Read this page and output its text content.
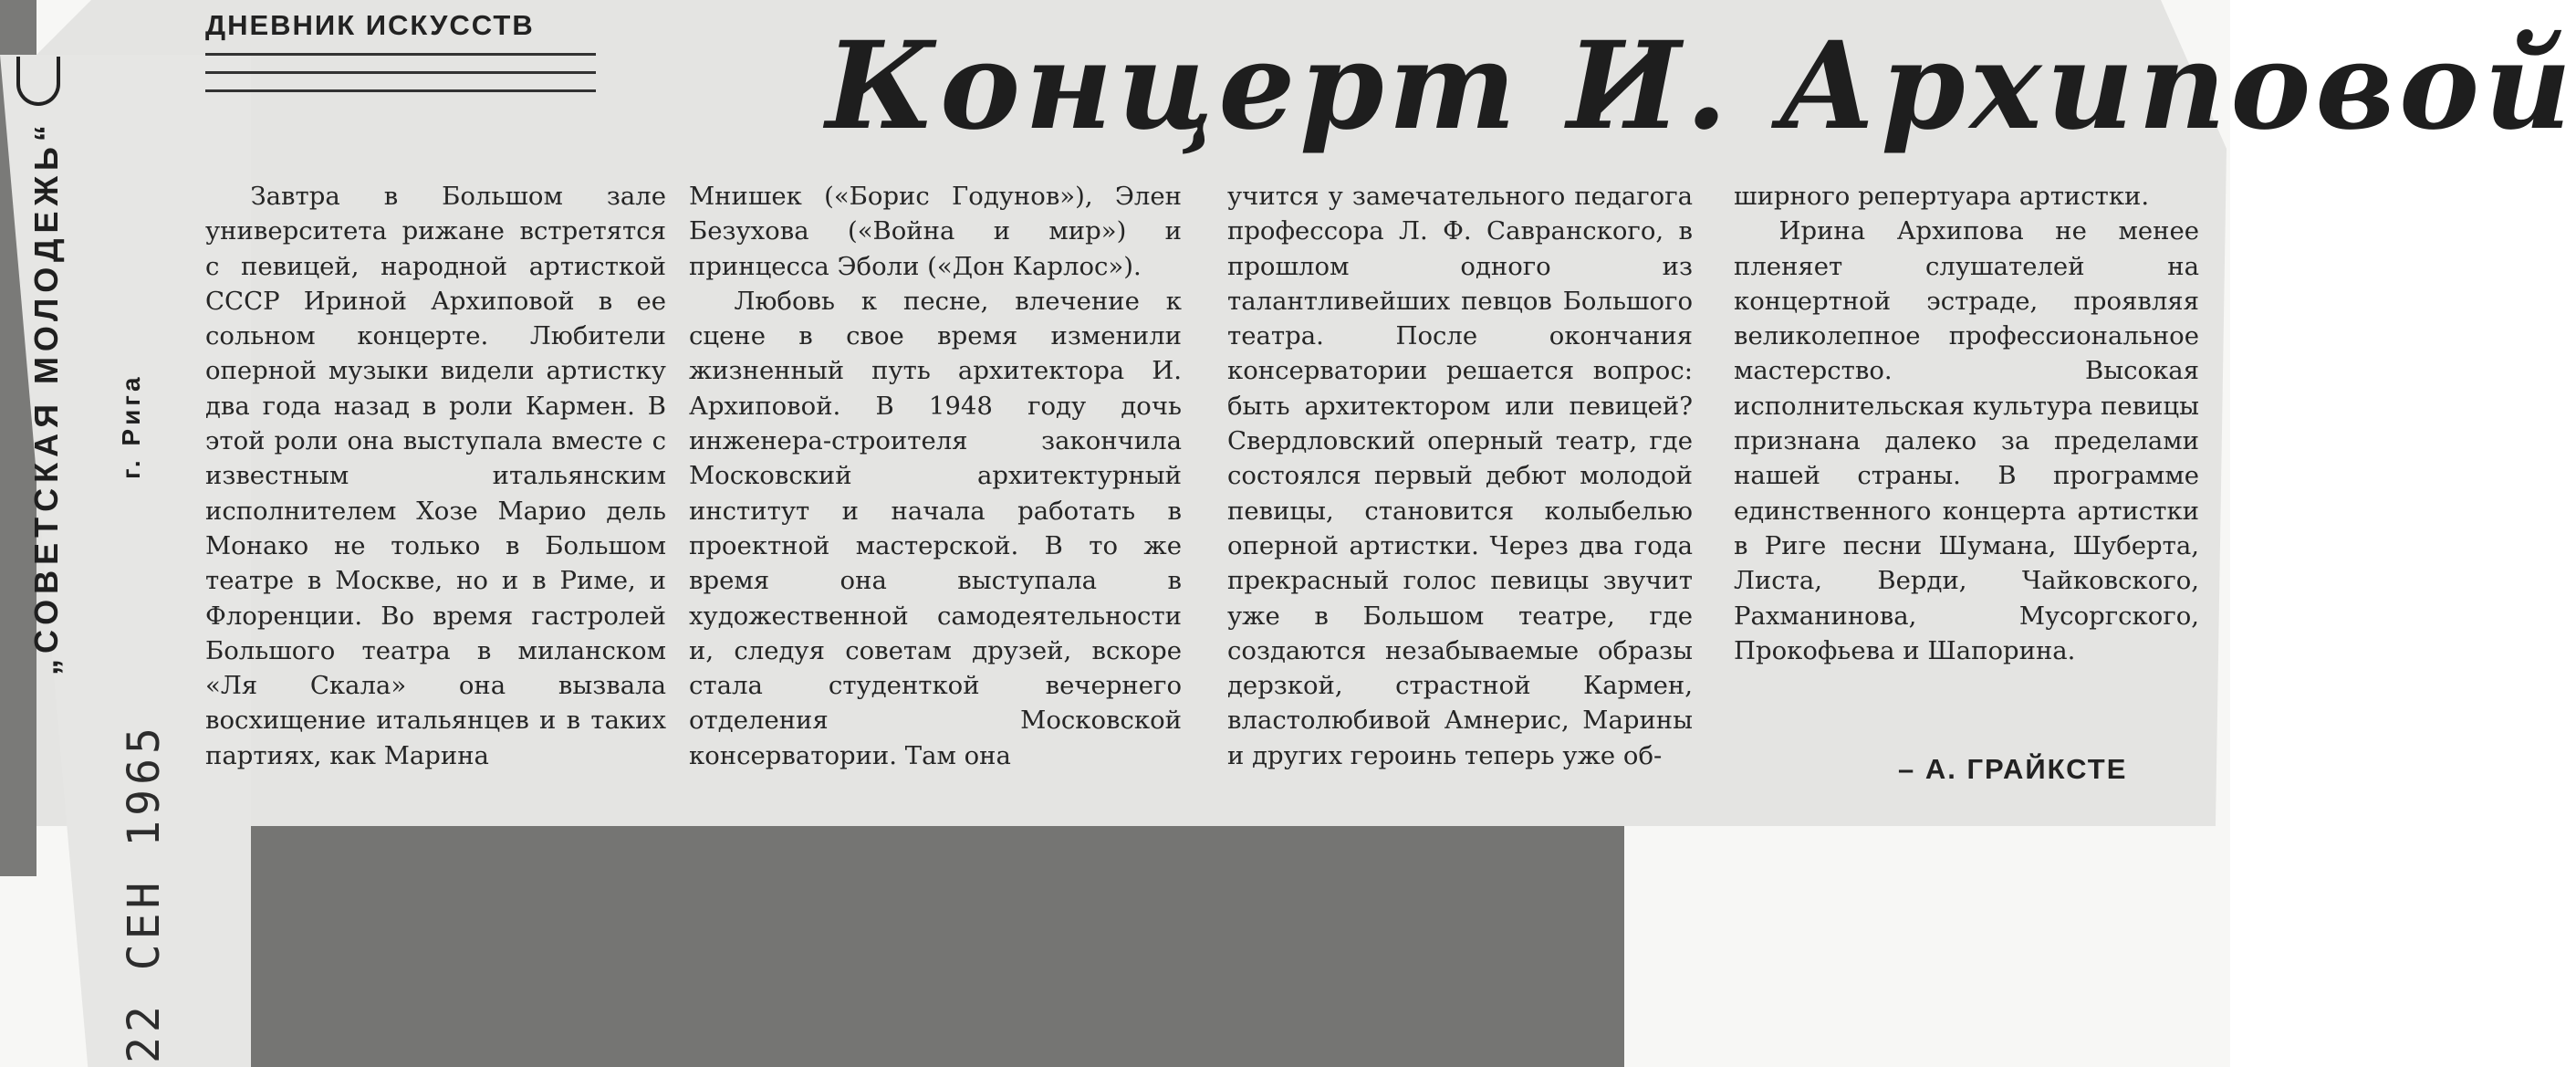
ДНЕВНИК ИСКУССТВ	Концерт И. Архиповой

Завтра в Большом зале университета рижане встретятся с певицей, народной артисткой СССР Ириной Архиповой в ее сольном концерте. Любители оперной музыки видели артистку два года назад в роли Кармен. В этой роли она выступала вместе с известным итальянским исполнителем Хозе Марио дель Монако не только в Большом театре в Москве, но и в Риме, и Флоренции. Во время гастролей Большого театра в миланском «Ля Скала» она вызвала восхищение итальянцев и в таких партиях, как Марина

Мнишек («Борис Годунов»), Элен Безухова («Война и мир») и принцесса Эболи («Дон Карлос»).

Любовь к песне, влечение к сцене в свое время изменили жизненный путь архитектора И. Архиповой. В 1948 году дочь инженера-строителя закончила Московский архитектурный институт и начала работать в проектной мастерской. В то же время она выступала в художественной самодеятельности и, следуя советам друзей, вскоре стала студенткой вечернего отделения Московской консерватории. Там она

учится у замечательного педагога профессора Л. Ф. Савранского, в прошлом одного из талантливейших певцов Большого театра. После окончания консерватории решается вопрос: быть архитектором или певицей? Свердловский оперный театр, где состоялся первый дебют молодой певицы, становится колыбелью оперной артистки. Через два года прекрасный голос певицы звучит уже в Большом театре, где создаются незабываемые образы дерзкой, страстной Кармен, властолюбивой Амнерис, Марины и других героинь теперь уже об-

ширного репертуара артистки.

Ирина Архипова не менее пленяет слушателей на концертной эстраде, проявляя великолепное профессиональное мастерство. Высокая исполнительская культура певицы признана далеко за пределами нашей страны. В программе единственного концерта артистки в Риге песни Шумана, Шуберта, Листа, Верди, Чайковского, Рахманинова, Мусоргского, Прокофьева и Шапорина.

– А. ГРАЙКСТЕ
„СОВЕТСКАЯ МОЛОДЕЖЬ“ г. Рига
22 СЕН 1965
